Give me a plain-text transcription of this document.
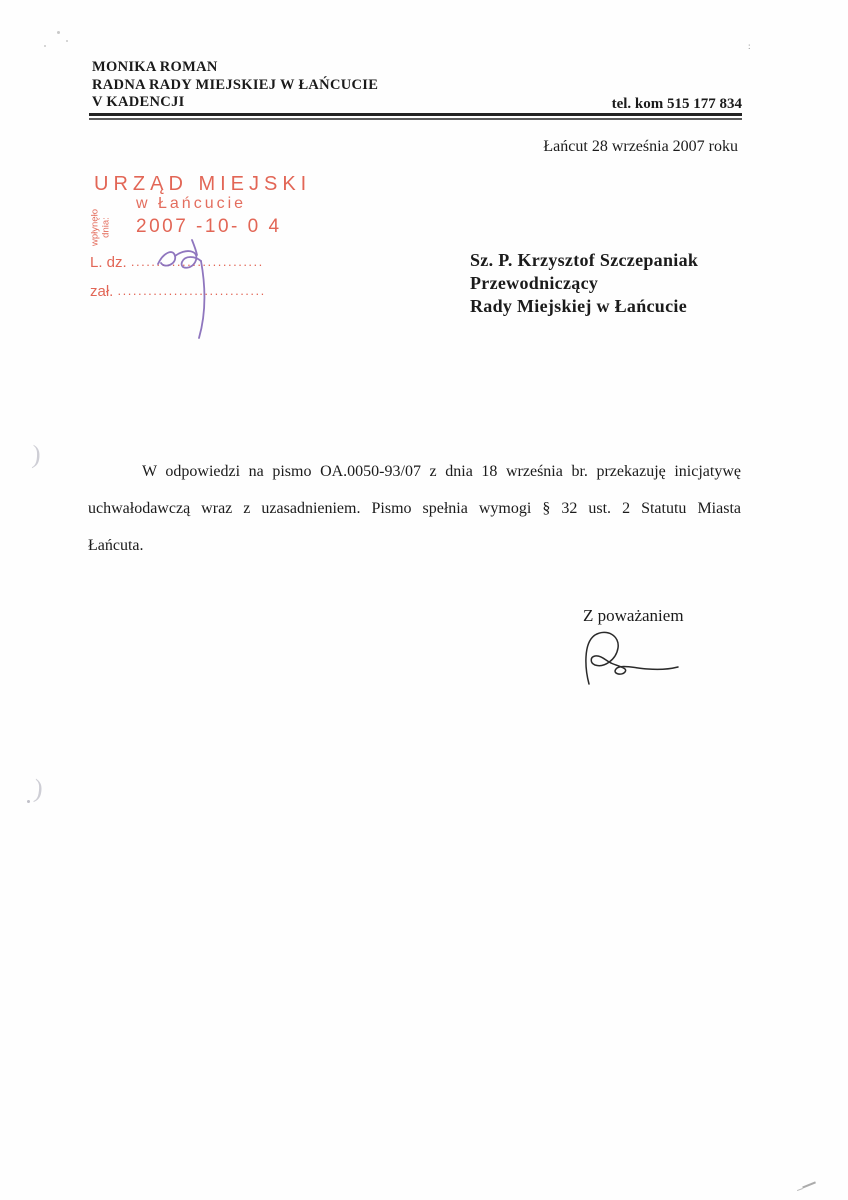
:
MONIKA ROMAN
RADNA RADY MIEJSKIEJ W ŁAŃCUCIE
V KADENCJI	tel. kom 515 177 834
Łańcut 28 września 2007 roku
URZĄD MIEJSKI
w Łańcucie
wpłynęło dnia: 2007 -10- 0 4
L. dz. ..........................
zał. .............................
Sz. P. Krzysztof Szczepaniak
Przewodniczący
Rady Miejskiej w Łańcucie
)
)
W odpowiedzi na pismo OA.0050-93/07 z dnia 18 września br. przekazuję inicjatywę
uchwałodawczą wraz z uzasadnieniem. Pismo spełnia wymogi § 32 ust. 2 Statutu Miasta
Łańcuta.
Z poważaniem
